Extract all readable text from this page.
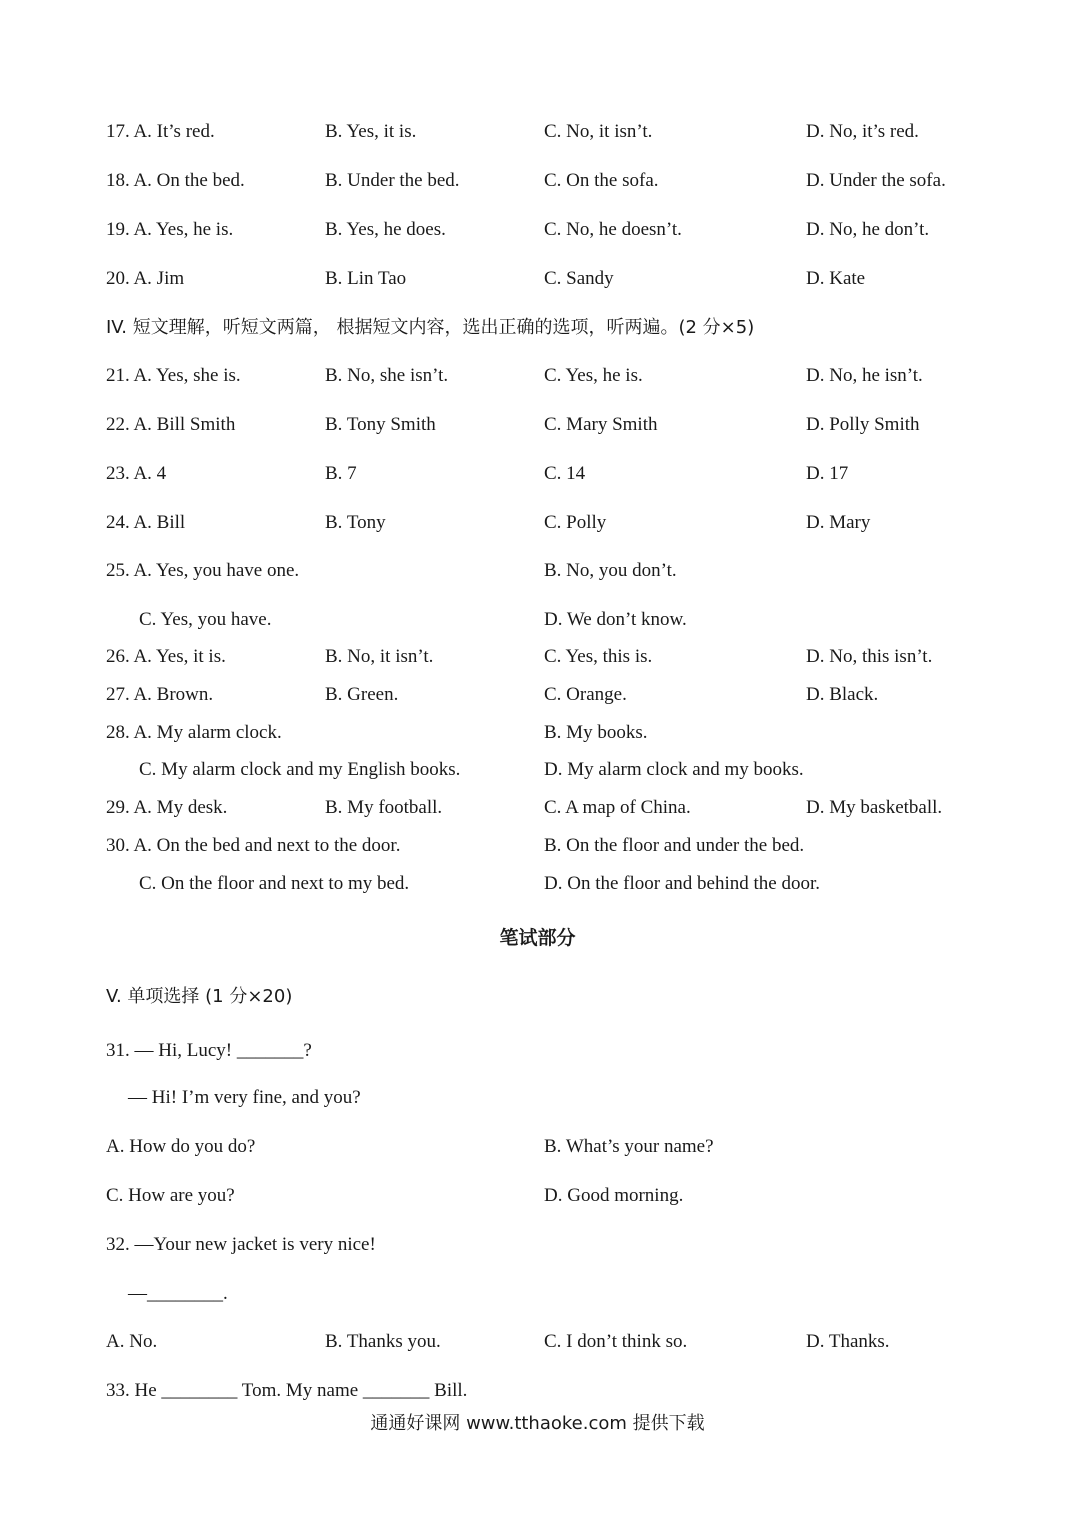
17. A. It’s red.	B. Yes, it is.	C. No, it isn’t.	D. No, it’s red.
18. A. On the bed.	B. Under the bed.	C. On the sofa.	D. Under the sofa.
19. A. Yes, he is.	B. Yes, he does.	C. No, he doesn’t.	D. No, he don’t.
20. A. Jim	B. Lin Tao	C. Sandy	D. Kate
IV. 短文理解，听短文两篇， 根据短文内容，选出正确的选项，听两遍。(2 分×5)
21. A. Yes, she is.	B. No, she isn’t.	C. Yes, he is.	D. No, he isn’t.
22. A. Bill Smith	B. Tony Smith	C. Mary Smith	D. Polly Smith
23. A. 4	B. 7	C. 14	D. 17
24. A. Bill	B. Tony	C. Polly	D. Mary
25. A. Yes, you have one.	B. No, you don’t.
C. Yes, you have.	D. We don’t know.
26. A. Yes, it is.	B. No, it isn’t.	C. Yes, this is.	D. No, this isn’t.
27. A. Brown.	B. Green.	C. Orange.	D. Black.
28. A. My alarm clock.	B. My books.
C. My alarm clock and my English books.	D. My alarm clock and my books.
29. A. My desk.	B. My football.	C. A map of China.	D. My basketball.
30. A. On the bed and next to the door.	B. On the floor and under the bed.
C. On the floor and next to my bed.	D. On the floor and behind the door.
笔试部分
V. 单项选择 (1 分×20)
31. — Hi, Lucy! _______?
— Hi! I’m very fine, and you?
A. How do you do?	B. What’s your name?
C. How are you?	D. Good morning.
32. —Your new jacket is very nice!
—________.
A. No.	B. Thanks you.	C. I don’t think so.	D. Thanks.
33. He ________ Tom. My name _______ Bill.
通通好课网 www.tthaoke.com 提供下载
